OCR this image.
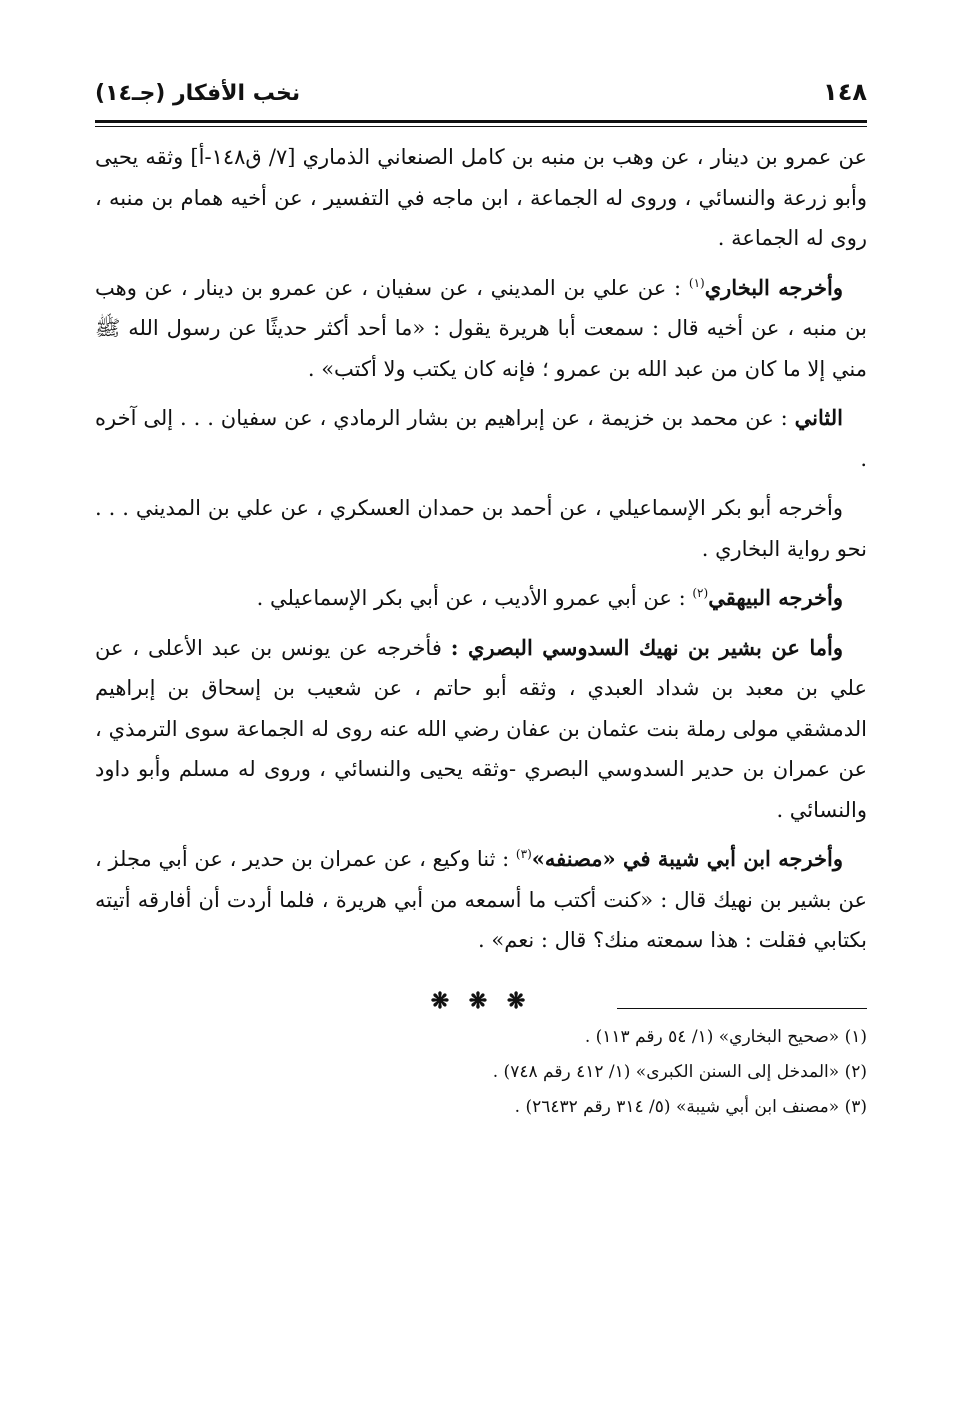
١٤٨
نخب الأفكار (جـ١٤)

عن عمرو بن دينار ، عن وهب بن منبه بن كامل الصنعاني الذماري [٧/ ق١٤٨-أ] وثقه يحيى وأبو زرعة والنسائي ، وروى له الجماعة ، ابن ماجه في التفسير ، عن أخيه همام بن منبه ، روى له الجماعة .

وأخرجه البخاري$^{(١)}$ : عن علي بن المديني ، عن سفيان ، عن عمرو بن دينار ، عن وهب بن منبه ، عن أخيه قال : سمعت أبا هريرة يقول : «ما أحد أكثر حديثًا عن رسول الله ﷺ مني إلا ما كان من عبد الله بن عمرو ؛ فإنه كان يكتب ولا أكتب» .

الثاني : عن محمد بن خزيمة ، عن إبراهيم بن بشار الرمادي ، عن سفيان . . . إلى آخره .

وأخرجه أبو بكر الإسماعيلي ، عن أحمد بن حمدان العسكري ، عن علي بن المديني . . . نحو رواية البخاري .

وأخرجه البيهقي$^{(٢)}$ : عن أبي عمرو الأديب ، عن أبي بكر الإسماعيلي .

وأما عن بشير بن نهيك السدوسي البصري : فأخرجه عن يونس بن عبد الأعلى ، عن علي بن معبد بن شداد العبدي ، وثقه أبو حاتم ، عن شعيب بن إسحاق بن إبراهيم الدمشقي مولى رملة بنت عثمان بن عفان رضي الله عنه روى له الجماعة سوى الترمذي ، عن عمران بن حدير السدوسي البصري -وثقه يحيى والنسائي ، وروى له مسلم وأبو داود والنسائي .

وأخرجه ابن أبي شيبة في «مصنفه»$^{(٣)}$ : ثنا وكيع ، عن عمران بن حدير ، عن أبي مجلز ، عن بشير بن نهيك قال : «كنت أكتب ما أسمعه من أبي هريرة ، فلما أردت أن أفارقه أتيته بكتابي فقلت : هذا سمعته منك؟ قال : نعم» .

❋ ❋ ❋
(١) «صحيح البخاري» (١/ ٥٤ رقم ١١٣) .
(٢) «المدخل إلى السنن الكبرى» (١/ ٤١٢ رقم ٧٤٨) .
(٣) «مصنف ابن أبي شيبة» (٥/ ٣١٤ رقم ٢٦٤٣٢) .
